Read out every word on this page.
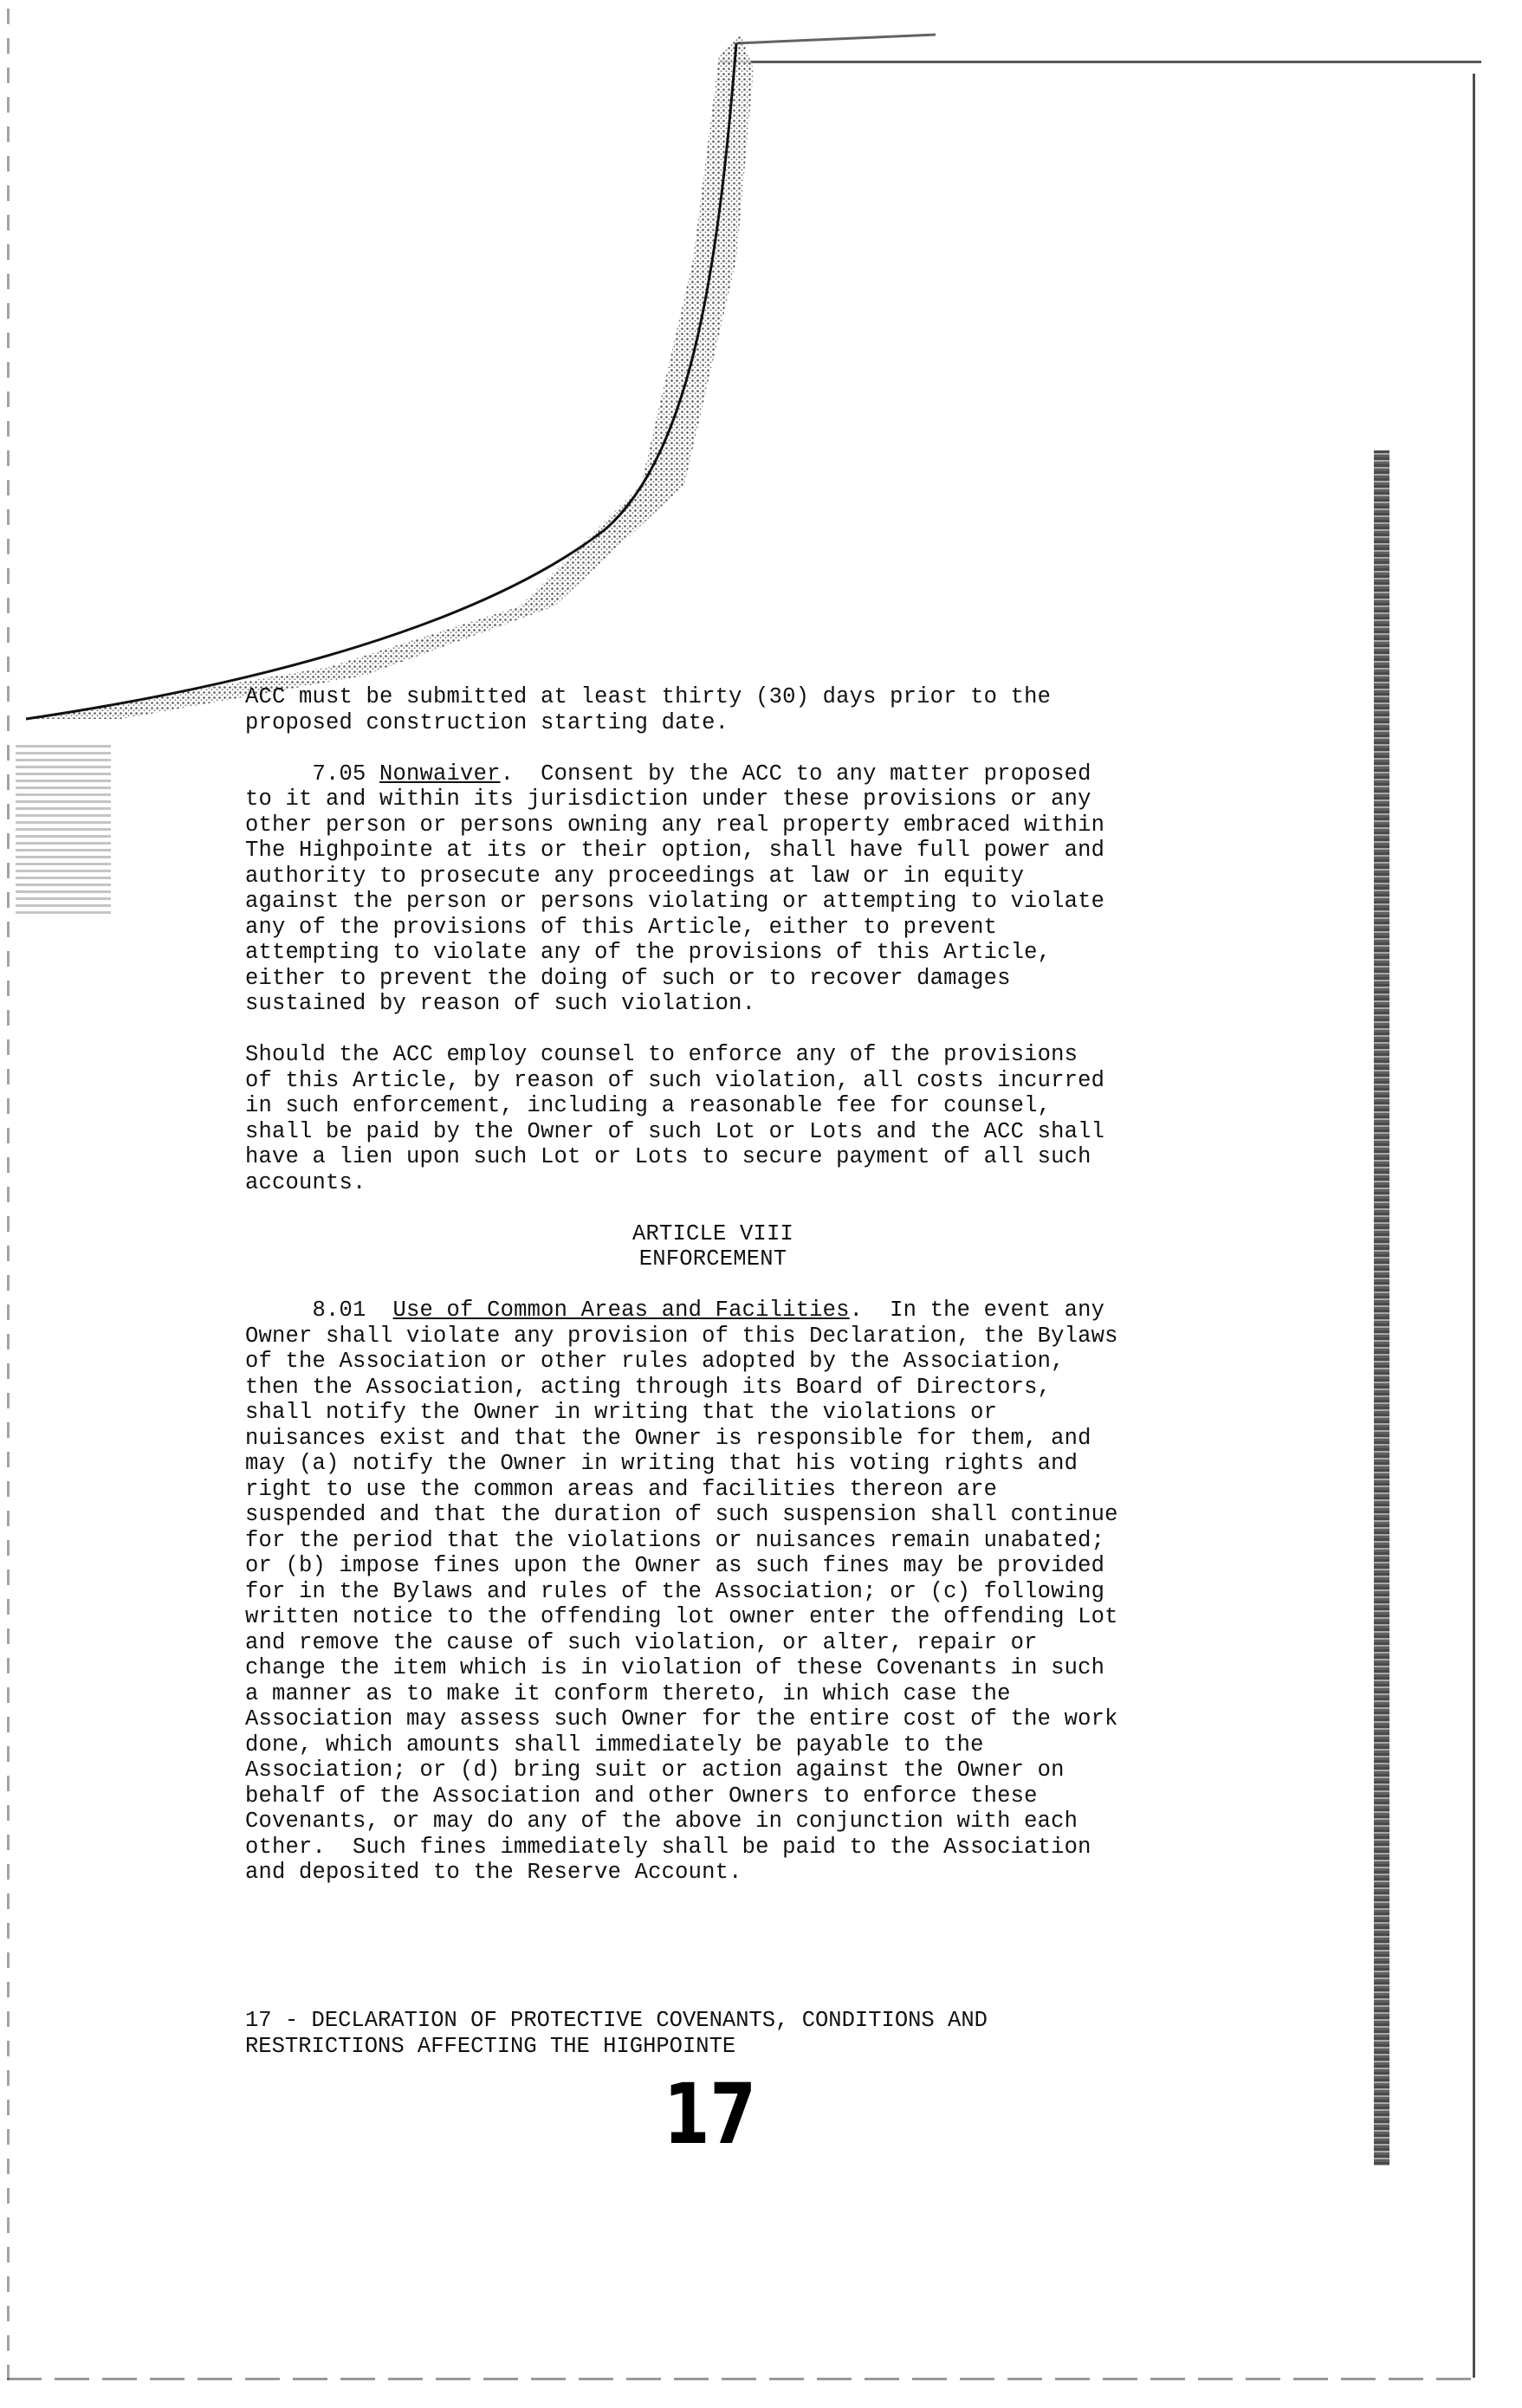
ACC must be submitted at least thirty (30) days prior to the
proposed construction starting date.
7.05 Nonwaiver.  Consent by the ACC to any matter proposed
to it and within its jurisdiction under these provisions or any
other person or persons owning any real property embraced within
The Highpointe at its or their option, shall have full power and
authority to prosecute any proceedings at law or in equity
against the person or persons violating or attempting to violate
any of the provisions of this Article, either to prevent
attempting to violate any of the provisions of this Article,
either to prevent the doing of such or to recover damages
sustained by reason of such violation.
Should the ACC employ counsel to enforce any of the provisions
of this Article, by reason of such violation, all costs incurred
in such enforcement, including a reasonable fee for counsel,
shall be paid by the Owner of such Lot or Lots and the ACC shall
have a lien upon such Lot or Lots to secure payment of all such
accounts.
ARTICLE VIII
ENFORCEMENT
8.01 Use of Common Areas and Facilities.  In the event any
Owner shall violate any provision of this Declaration, the Bylaws
of the Association or other rules adopted by the Association,
then the Association, acting through its Board of Directors,
shall notify the Owner in writing that the violations or
nuisances exist and that the Owner is responsible for them, and
may (a) notify the Owner in writing that his voting rights and
right to use the common areas and facilities thereon are
suspended and that the duration of such suspension shall continue
for the period that the violations or nuisances remain unabated;
or (b) impose fines upon the Owner as such fines may be provided
for in the Bylaws and rules of the Association; or (c) following
written notice to the offending lot owner enter the offending Lot
and remove the cause of such violation, or alter, repair or
change the item which is in violation of these Covenants in such
a manner as to make it conform thereto, in which case the
Association may assess such Owner for the entire cost of the work
done, which amounts shall immediately be payable to the
Association; or (d) bring suit or action against the Owner on
behalf of the Association and other Owners to enforce these
Covenants, or may do any of the above in conjunction with each
other.  Such fines immediately shall be paid to the Association
and deposited to the Reserve Account.
17 - DECLARATION OF PROTECTIVE COVENANTS, CONDITIONS AND
RESTRICTIONS AFFECTING THE HIGHPOINTE
17
